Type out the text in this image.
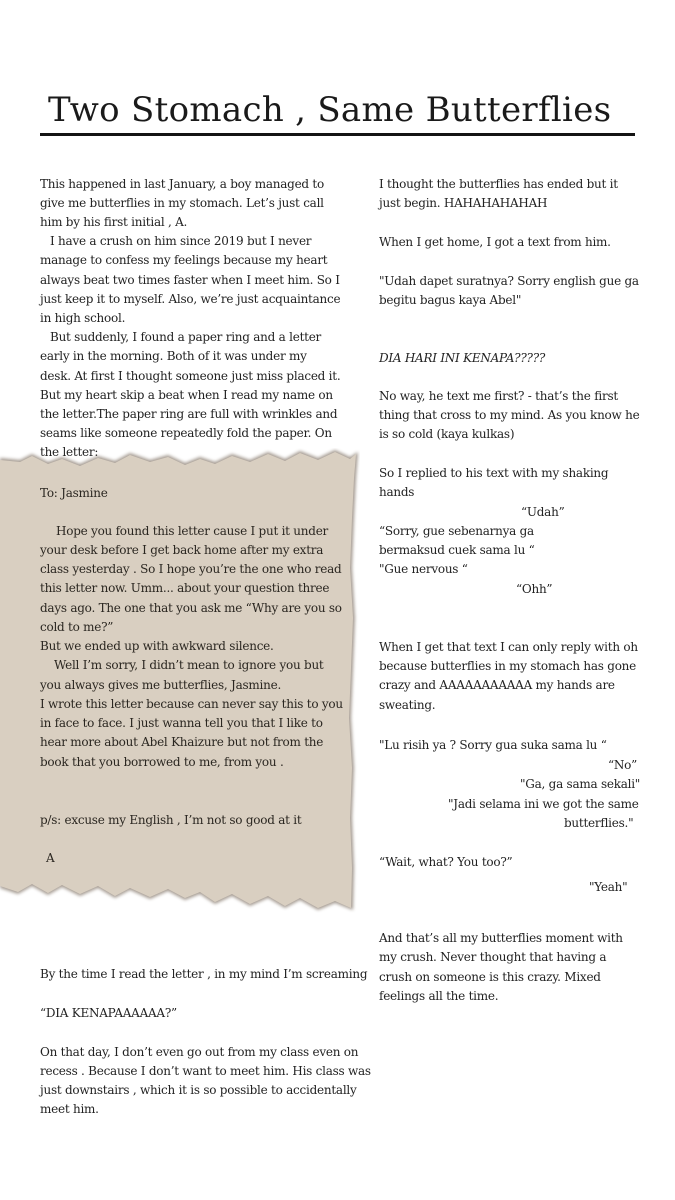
Two Stomach , Same Butterflies
This happened in last January, a boy managed to
give me butterflies in my stomach. Let’s just call
him by his first initial , A.
I have a crush on him since 2019 but I never
manage to confess my feelings because my heart
always beat two times faster when I meet him. So I
just keep it to myself. Also, we’re just acquaintance
in high school.
But suddenly, I found a paper ring and a letter
early in the morning. Both of it was under my
desk. At first I thought someone just miss placed it.
But my heart skip a beat when I read my name on
the letter.The paper ring are full with wrinkles and
seams like someone repeatedly fold the paper. On
the letter:
To: Jasmine
Hope you found this letter cause I put it under
your desk before I get back home after my extra
class yesterday . So I hope you’re the one who read
this letter now. Umm... about your question three
days ago. The one that you ask me “Why are you so
cold to me?”
But we ended up with awkward silence.
Well I’m sorry, I didn’t mean to ignore you but
you always gives me butterflies, Jasmine.
I wrote this letter because can never say this to you
in face to face. I just wanna tell you that I like to
hear more about Abel Khaizure but not from the
book that you borrowed to me, from you .
p/s: excuse my English , I’m not so good at it
A
By the time I read the letter , in my mind I’m screaming
“DIA KENAPAAAAAA?”
On that day, I don’t even go out from my class even on
recess . Because I don’t want to meet him. His class was
just downstairs , which it is so possible to accidentally
meet him.
I thought the butterflies has ended but it
just begin. HAHAHAHAHAH
When I get home, I got a text from him.
"Udah dapet suratnya? Sorry english gue ga
begitu bagus kaya Abel"
DIA HARI INI KENAPA?????
No way, he text me first? - that’s the first
thing that cross to my mind. As you know he
is so cold (kaya kulkas)
So I replied to his text with my shaking
hands
“Udah”
“Sorry, gue sebenarnya ga
bermaksud cuek sama lu “
"Gue nervous “
“Ohh”
When I get that text I can only reply with oh
because butterflies in my stomach has gone
crazy and AAAAAAAAAAA my hands are
sweating.
"Lu risih ya ? Sorry gua suka sama lu “
“No”
"Ga, ga sama sekali"
"Jadi selama ini we got the same
butterflies."
“Wait, what? You too?”
"Yeah"
And that’s all my butterflies moment with
my crush. Never thought that having a
crush on someone is this crazy. Mixed
feelings all the time.
